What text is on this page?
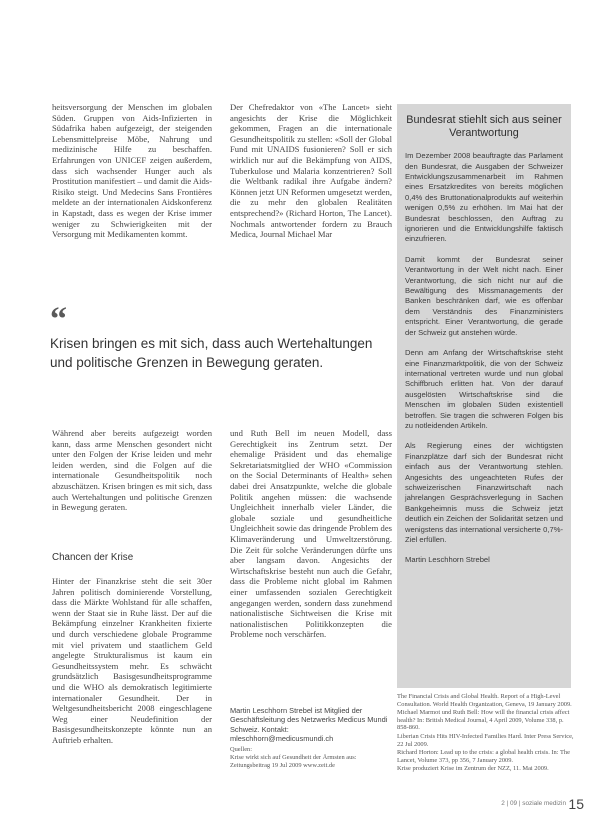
heitsversorgung der Menschen im globalen Süden. Gruppen von Aids-Infizierten in Südafrika haben aufgezeigt, der steigenden Lebensmittelpreise Möbe, Nahrung und medizinische Hilfe zu beschaffen. Erfahrungen von UNICEF zeigen außerdem, dass sich wachsender Hunger auch als Prostitution manifestiert – und damit die Aids-Risiko steigt. Und Medecins Sans Frontières meldete an der internationalen Aidskonferenz in Kapstadt, dass es wegen der Krise immer weniger zu Schwierigkeiten mit der Versorgung mit Medikamenten kommt.

Der Chefredaktor von «The Lancet» sieht angesichts der Krise die Möglichkeit gekommen, Fragen an die internationale Gesundheitspolitik zu stellen: «Soll der Global Fund mit UNAIDS fusionieren? Soll er sich wirklich nur auf die Bekämpfung von AIDS, Tuberkulose und Malaria konzentrieren? Soll die Weltbank radikal ihre Aufgabe ändern? Können jetzt UN Reformen umgesetzt werden, die zu mehr den globalen Realitäten entsprechend?» (Richard Horton, The Lancet). Nochmals antwortender fordern zu Brauch Medica, Journal Michael Mar

“
Krisen bringen es mit sich, dass auch Wertehaltungen und politische Grenzen in Bewegung geraten.

Während aber bereits aufgezeigt worden kann, dass arme Menschen gesondert nicht unter den Folgen der Krise leiden und mehr leiden werden, sind die Folgen auf die internationale Gesundheitspolitik noch abzuschätzen. Krisen bringen es mit sich, dass auch Wertehaltungen und politische Grenzen in Bewegung geraten.

Chancen der Krise

Hinter der Finanzkrise steht die seit 30er Jahren politisch dominierende Vorstellung, dass die Märkte Wohlstand für alle schaffen, wenn der Staat sie in Ruhe lässt. Der auf die Bekämpfung einzelner Krankheiten fixierte und durch verschiedene globale Programme mit viel privatem und staatlichem Geld angelegte Strukturalismus ist kaum ein Gesundheitssystem mehr. Es schwächt grundsätzlich Basisgesundheitsprogramme und die WHO als demokratisch legitimierte internationaler Gesundheit. Der in Weltgesundheitsbericht 2008 eingeschlagene Weg einer Neudefinition der Basisgesundheitskonzepte könnte nun an Auftrieb erhalten.

und Ruth Bell im neuen Modell, dass Gerechtigkeit ins Zentrum setzt. Der ehemalige Präsident und das ehemalige Sekretariatsmitglied der WHO «Commission on the Social Determinants of Health» sehen dabei drei Ansatzpunkte, welche die globale Politik angehen müssen: die wachsende Ungleichheit innerhalb vieler Länder, die globale soziale und gesundheitliche Ungleichheit sowie das dringende Problem des Klimaveränderung und Umweltzerstörung. Die Zeit für solche Veränderungen dürfte uns aber langsam davon. Angesichts der Wirtschaftskrise besteht nun auch die Gefahr, dass die Probleme nicht global im Rahmen einer umfassenden sozialen Gerechtigkeit angegangen werden, sondern dass zunehmend nationalistische Sichtweisen die Krise mit nationalistischen Politikkonzepten die Probleme noch verschärfen.

Martin Leschhorn Strebel ist Mitglied der Geschäftsleitung des Netzwerks Medicus Mundi Schweiz. Kontakt: mleschhorn@medicusmundi.ch

Quellen:

Krise wirkt sich auf Gesundheit der Ärmsten aus: Zeitungsbeitrag 19 Jul 2009 www.zeit.de

Bundesrat stiehlt sich aus seiner Verantwortung

Im Dezember 2008 beauftragte das Parlament den Bundesrat, die Ausgaben der Schweizer Entwicklungszusammenarbeit im Rahmen eines Ersatzkredites von bereits möglichen 0,4% des Bruttonationalprodukts auf weiterhin wenigen 0,5% zu erhöhen. Im Mai hat der Bundesrat beschlossen, den Auftrag zu ignorieren und die Entwicklungshilfe faktisch einzufrieren.

Damit kommt der Bundesrat seiner Verantwortung in der Welt nicht nach. Einer Verantwortung, die sich nicht nur auf die Bewältigung des Missmanagements der Banken beschränken darf, wie es offenbar dem Verständnis des Finanzministers entspricht. Einer Verantwortung, die gerade der Schweiz gut anstehen würde.

Denn am Anfang der Wirtschaftskrise steht eine Finanzmarktpolitik, die von der Schweiz international vertreten wurde und nun global Schiffbruch erlitten hat. Von der darauf ausgelösten Wirtschaftskrise sind die Menschen im globalen Süden existentiell betroffen. Sie tragen die schweren Folgen bis zu notleidenden Artikeln.

Als Regierung eines der wichtigsten Finanzplätze darf sich der Bundesrat nicht einfach aus der Verantwortung stehlen. Angesichts des ungeachteten Rufes der schweizerischen Finanzwirtschaft nach jahrelangen Gesprächsverlegung in Sachen Bankgeheimnis muss die Schweiz jetzt deutlich ein Zeichen der Solidarität setzen und wenigstens das international versicherte 0,7%-Ziel erfüllen.

Martin Leschhorn Strebel

The Financial Crisis and Global Health. Report of a High-Level Consultation. World Health Organization, Geneva, 19 January 2009.

Michael Marmot und Ruth Bell: How will the financial crisis affect health? In: British Medical Journal, 4 April 2009, Volume 338, p. 858-860.

Liberian Crisis Hits HIV-Infected Families Hard. Inter Press Service, 22 Jul 2009.

Richard Horton: Lead up to the crisis: a global health crisis. In: The Lancet, Volume 373, pp 356, 7 January 2009.

Krise produziert Krise im Zentrum der NZZ, 11. Mai 2009.

2 | 09 | soziale medizin 15
